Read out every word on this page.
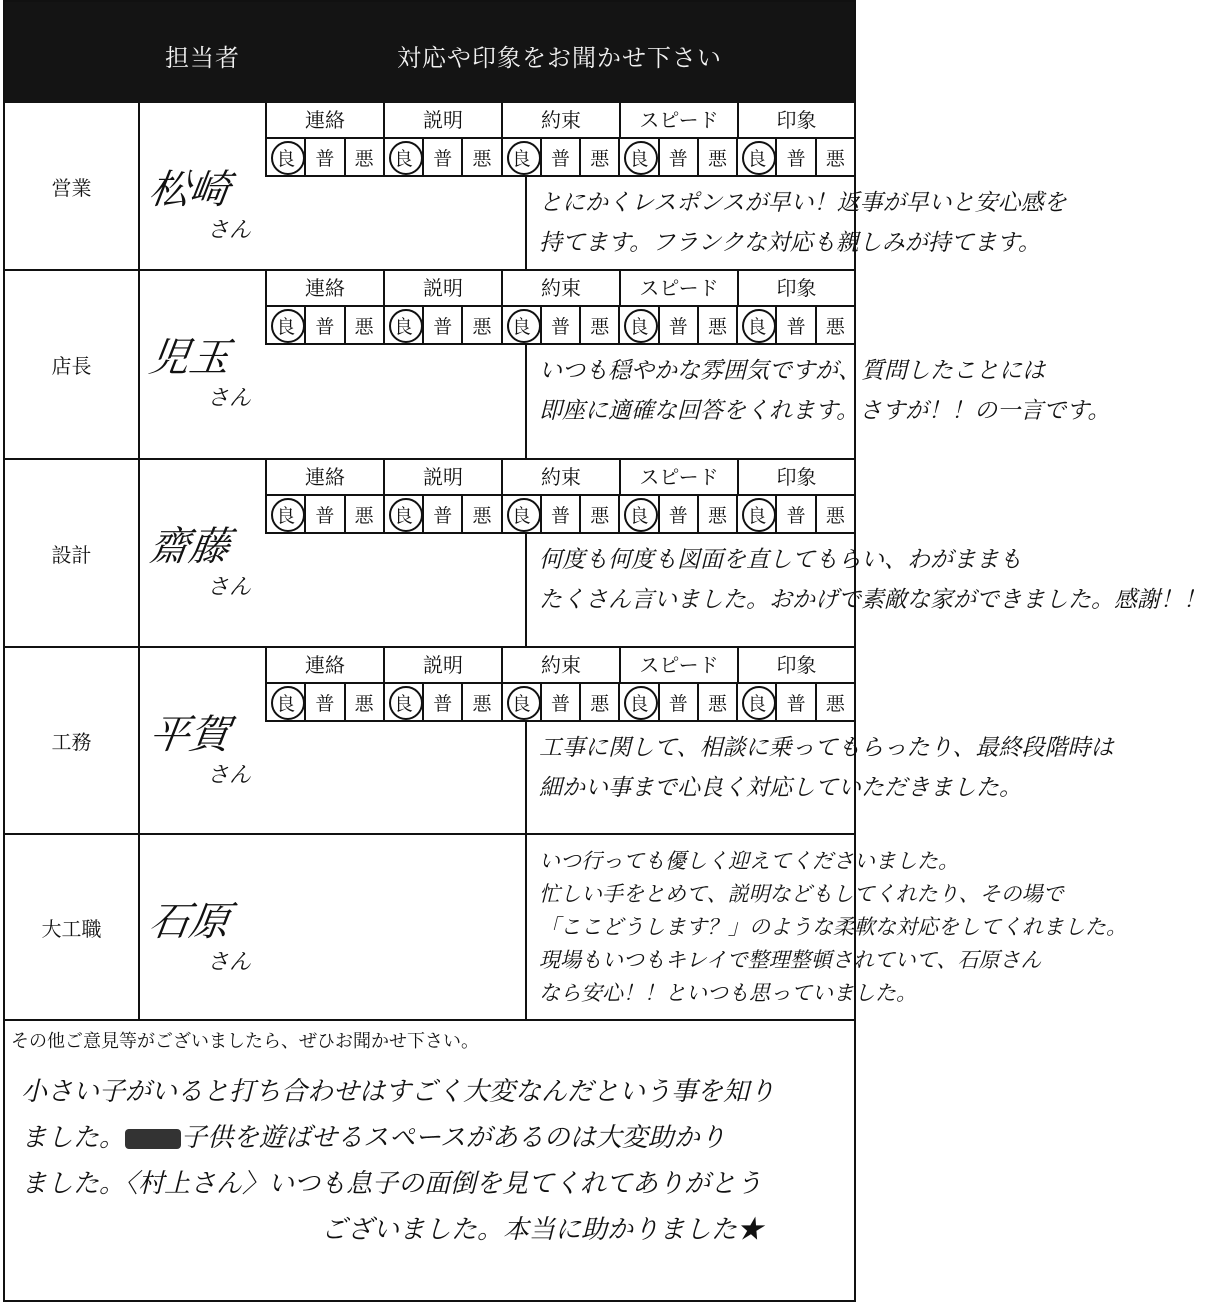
担当者	対応や印象をお聞かせ下さい
営業	松崎
さん
連絡	説明	約束	スピード	印象
良	普	悪	良	普	悪	良	普	悪	良	普	悪	良	普	悪
とにかくレスポンスが早い！返事が早いと安心感を
持てます。フランクな対応も親しみが持てます。
店長	児玉
さん
連絡	説明	約束	スピード	印象
良	普	悪	良	普	悪	良	普	悪	良	普	悪	良	普	悪
いつも穏やかな雰囲気ですが、質問したことには
即座に適確な回答をくれます。さすが！！の一言です。
設計	齋藤
さん
連絡	説明	約束	スピード	印象
良	普	悪	良	普	悪	良	普	悪	良	普	悪	良	普	悪
何度も何度も図面を直してもらい、わがままも
たくさん言いました。おかげで素敵な家ができました。感謝！！
工務	平賀
さん
連絡	説明	約束	スピード	印象
良	普	悪	良	普	悪	良	普	悪	良	普	悪	良	普	悪
工事に関して、相談に乗ってもらったり、最終段階時は
細かい事まで心良く対応していただきました。
大工職	石原
さん
いつ行っても優しく迎えてくださいました。
忙しい手をとめて、説明などもしてくれたり、その場で
「ここどうします？」のような柔軟な対応をしてくれました。
現場もいつもキレイで整理整頓されていて、石原さん
なら安心！！といつも思っていました。
その他ご意見等がございましたら、ぜひお聞かせ下さい。
小さい子がいると打ち合わせはすごく大変なんだという事を知り
ました。 子供を遊ばせるスペースがあるのは大変助かり
ました。〈村上さん〉いつも息子の面倒を見てくれてありがとう
ございました。本当に助かりました★
